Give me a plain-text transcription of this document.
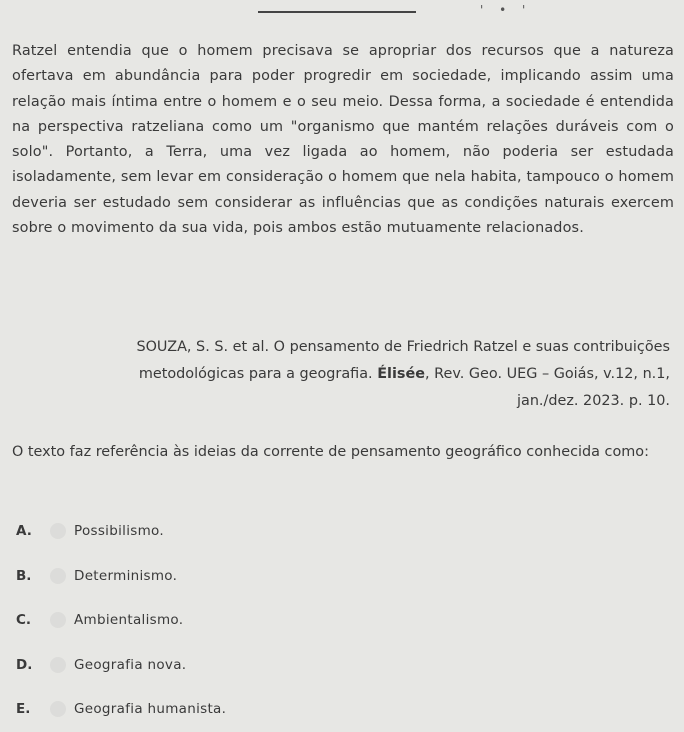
' • '

Ratzel entendia que o homem precisava se apropriar dos recursos que a natureza ofertava em abundância para poder progredir em sociedade, implicando assim uma relação mais íntima entre o homem e o seu meio. Dessa forma, a sociedade é entendida na perspectiva ratzeliana como um "organismo que mantém relações duráveis com o solo". Portanto, a Terra, uma vez ligada ao homem, não poderia ser estudada isoladamente, sem levar em consideração o homem que nela habita, tampouco o homem deveria ser estudado sem considerar as influências que as condições naturais exercem sobre o movimento da sua vida, pois ambos estão mutuamente relacionados.

SOUZA, S. S. et al. O pensamento de Friedrich Ratzel e suas contribuições metodológicas para a geografia. Élisée, Rev. Geo. UEG – Goiás, v.12, n.1, jan./dez. 2023. p. 10.

O texto faz referência às ideias da corrente de pensamento geográfico conhecida como:

A.	Possibilismo.
B.	Determinismo.
C.	Ambientalismo.
D.	Geografia nova.
E.	Geografia humanista.
